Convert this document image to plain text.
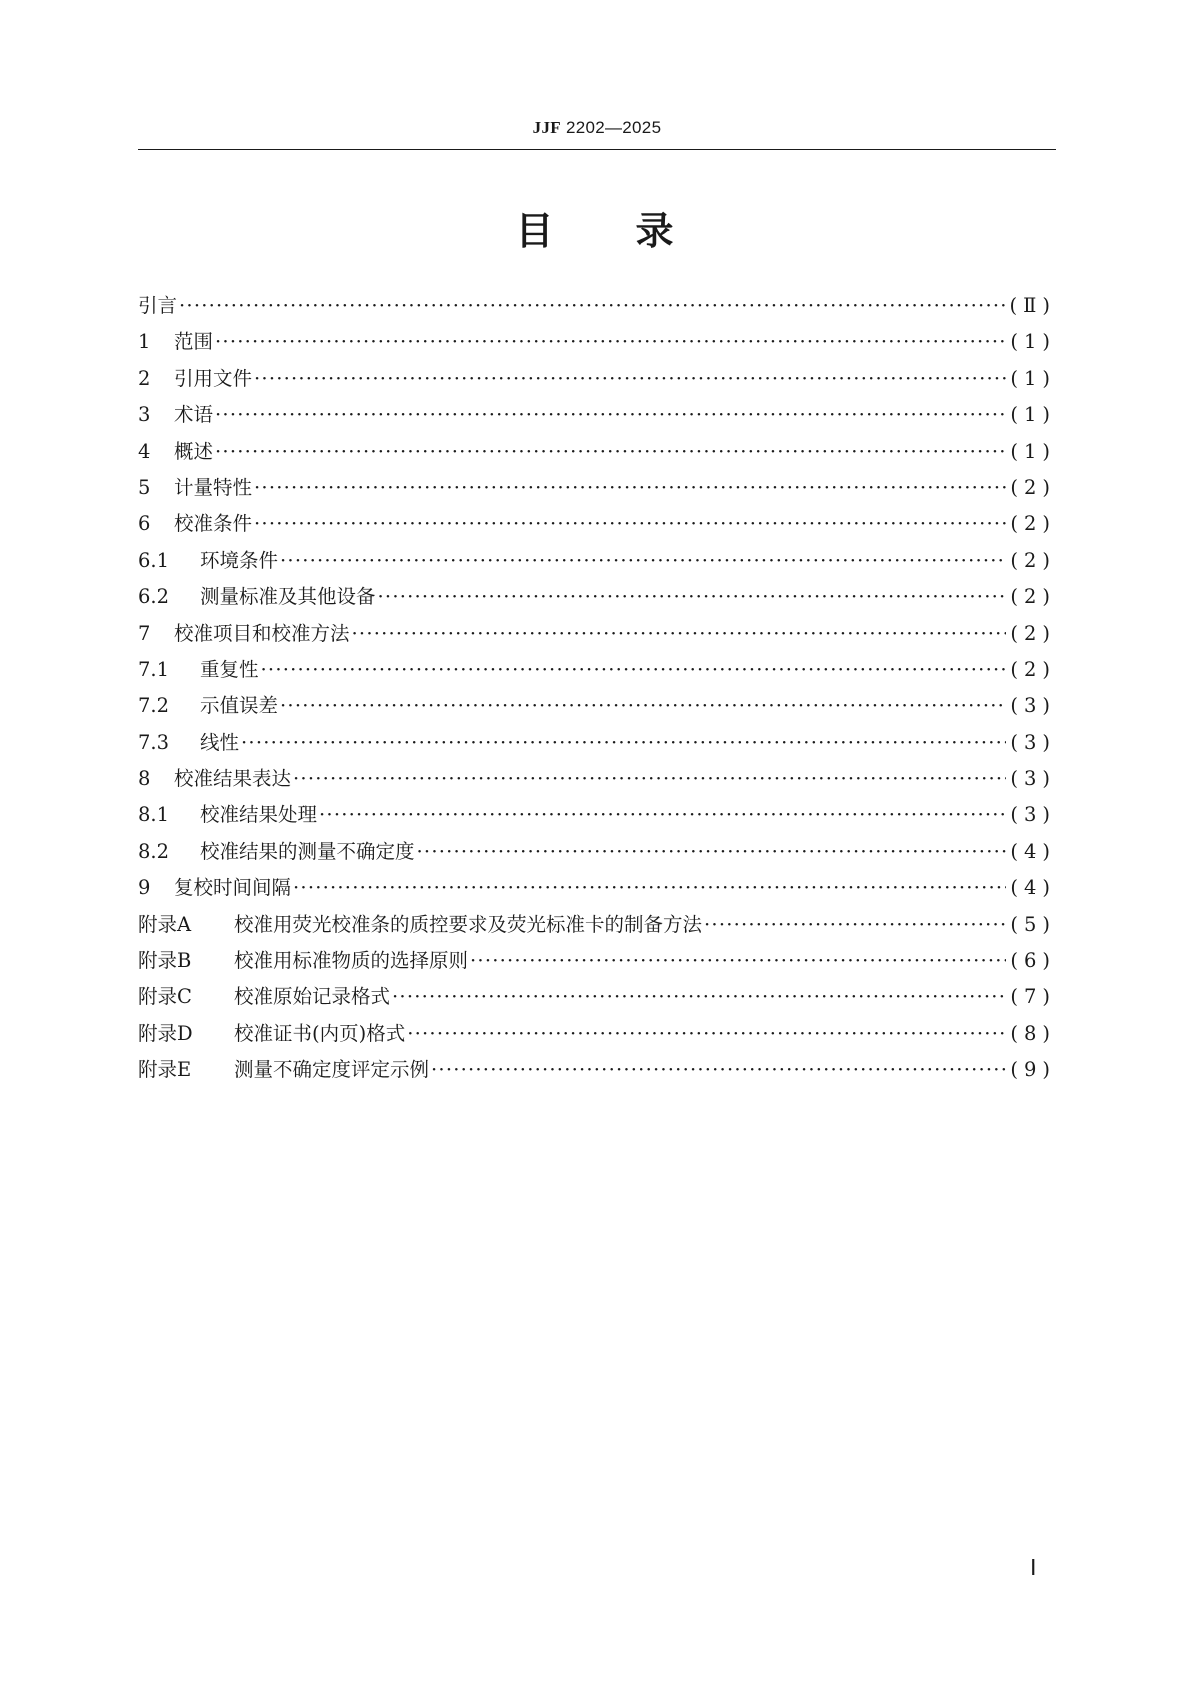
JJF 2202—2025
目 录
引言 ·····	(Ⅱ)
1 范围 ·····	(1)
2 引用文件 ·····	(1)
3 术语 ·····	(1)
4 概述 ·····	(1)
5 计量特性 ·····	(2)
6 校准条件 ·····	(2)
6.1 环境条件 ·····	(2)
6.2 测量标准及其他设备 ·····	(2)
7 校准项目和校准方法 ·····	(2)
7.1 重复性 ·····	(2)
7.2 示值误差 ·····	(3)
7.3 线性 ·····	(3)
8 校准结果表达 ·····	(3)
8.1 校准结果处理 ·····	(3)
8.2 校准结果的测量不确定度 ·····	(4)
9 复校时间间隔 ·····	(4)
附录A 校准用荧光校准条的质控要求及荧光标准卡的制备方法 ·····	(5)
附录B 校准用标准物质的选择原则 ·····	(6)
附录C 校准原始记录格式 ·····	(7)
附录D 校准证书(内页)格式 ·····	(8)
附录E 测量不确定度评定示例 ·····	(9)
Ⅰ
